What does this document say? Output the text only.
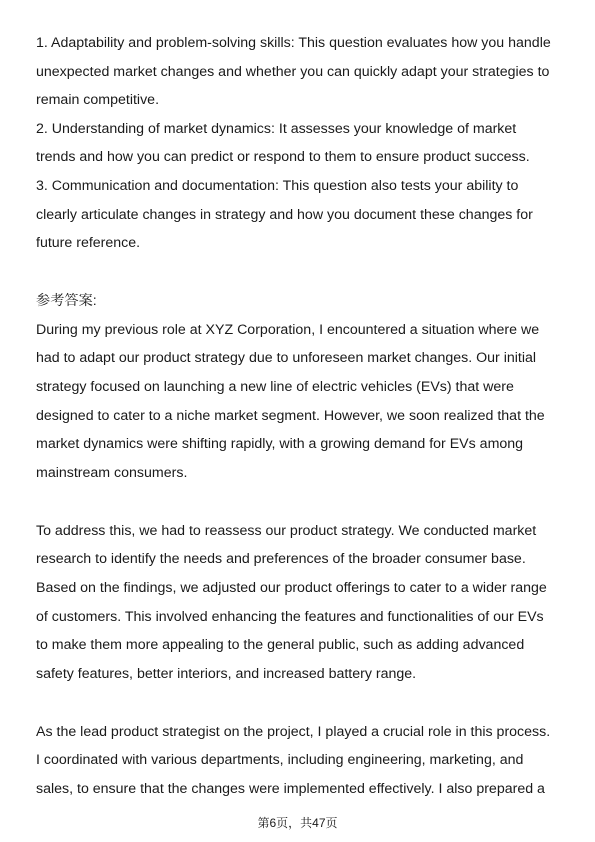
1. Adaptability and problem-solving skills: This question evaluates how you handle
unexpected market changes and whether you can quickly adapt your strategies to
remain competitive.
2. Understanding of market dynamics: It assesses your knowledge of market
trends and how you can predict or respond to them to ensure product success.
3. Communication and documentation: This question also tests your ability to
clearly articulate changes in strategy and how you document these changes for
future reference.
参考答案:
During my previous role at XYZ Corporation, I encountered a situation where we
had to adapt our product strategy due to unforeseen market changes. Our initial
strategy focused on launching a new line of electric vehicles (EVs) that were
designed to cater to a niche market segment. However, we soon realized that the
market dynamics were shifting rapidly, with a growing demand for EVs among
mainstream consumers.
To address this, we had to reassess our product strategy. We conducted market
research to identify the needs and preferences of the broader consumer base.
Based on the findings, we adjusted our product offerings to cater to a wider range
of customers. This involved enhancing the features and functionalities of our EVs
to make them more appealing to the general public, such as adding advanced
safety features, better interiors, and increased battery range.
As the lead product strategist on the project, I played a crucial role in this process.
I coordinated with various departments, including engineering, marketing, and
sales, to ensure that the changes were implemented effectively. I also prepared a
第6页，共47页
